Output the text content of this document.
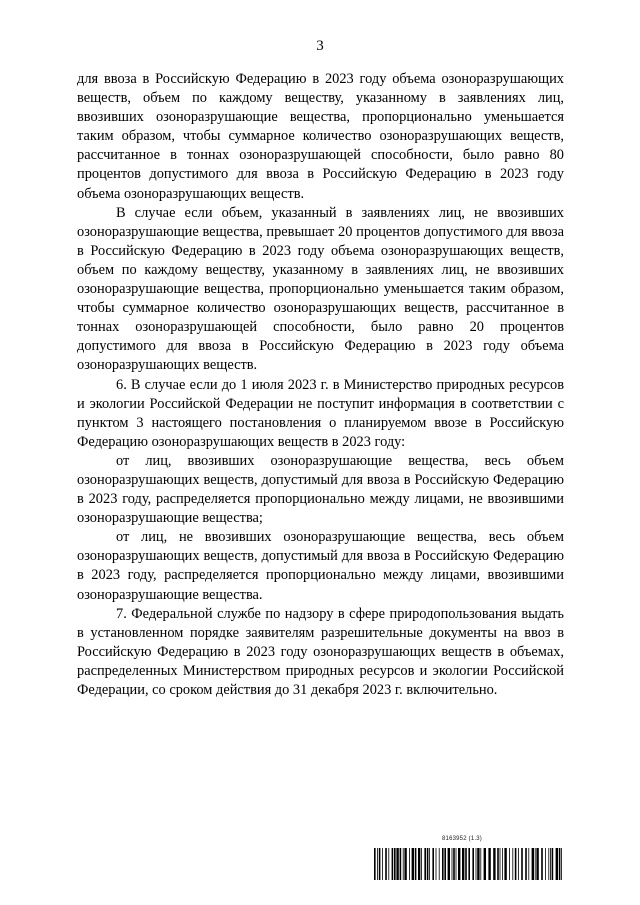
3

для ввоза в Российскую Федерацию в 2023 году объема озоноразрушающих веществ, объем по каждому веществу, указанному в заявлениях лиц, ввозивших озоноразрушающие вещества, пропорционально уменьшается таким образом, чтобы суммарное количество озоноразрушающих веществ, рассчитанное в тоннах озоноразрушающей способности, было равно 80 процентов допустимого для ввоза в Российскую Федерацию в 2023 году объема озоноразрушающих веществ.

В случае если объем, указанный в заявлениях лиц, не ввозивших озоноразрушающие вещества, превышает 20 процентов допустимого для ввоза в Российскую Федерацию в 2023 году объема озоноразрушающих веществ, объем по каждому веществу, указанному в заявлениях лиц, не ввозивших озоноразрушающие вещества, пропорционально уменьшается таким образом, чтобы суммарное количество озоноразрушающих веществ, рассчитанное в тоннах озоноразрушающей способности, было равно 20 процентов допустимого для ввоза в Российскую Федерацию в 2023 году объема озоноразрушающих веществ.

6. В случае если до 1 июля 2023 г. в Министерство природных ресурсов и экологии Российской Федерации не поступит информация в соответствии с пунктом 3 настоящего постановления о планируемом ввозе в Российскую Федерацию озоноразрушающих веществ в 2023 году:

от лиц, ввозивших озоноразрушающие вещества, весь объем озоноразрушающих веществ, допустимый для ввоза в Российскую Федерацию в 2023 году, распределяется пропорционально между лицами, не ввозившими озоноразрушающие вещества;

от лиц, не ввозивших озоноразрушающие вещества, весь объем озоноразрушающих веществ, допустимый для ввоза в Российскую Федерацию в 2023 году, распределяется пропорционально между лицами, ввозившими озоноразрушающие вещества.

7. Федеральной службе по надзору в сфере природопользования выдать в установленном порядке заявителям разрешительные документы на ввоз в Российскую Федерацию в 2023 году озоноразрушающих веществ в объемах, распределенных Министерством природных ресурсов и экологии Российской Федерации, со сроком действия до 31 декабря 2023 г. включительно.

8163952 (1.3)
